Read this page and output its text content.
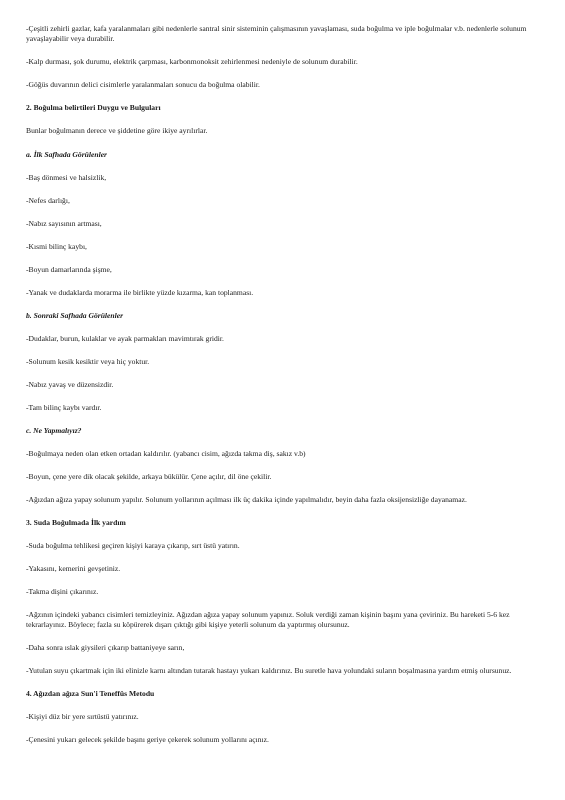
-Çeşitli zehirli gazlar, kafa yaralanmaları gibi nedenlerle santral sinir sisteminin çalışmasının yavaşlaması, suda boğulma ve iple boğulmalar v.b. nedenlerle solunum yavaşlayabilir veya durabilir.

-Kalp durması, şok durumu, elektrik çarpması, karbonmonoksit zehirlenmesi nedeniyle de solunum durabilir.

-Göğüs duvarının delici cisimlerle yaralanmaları sonucu da boğulma olabilir.

2. Boğulma belirtileri Duygu ve Bulguları

Bunlar boğulmanın derece ve şiddetine göre ikiye ayrılırlar.

a. İlk Safhada Görülenler

-Baş dönmesi ve halsizlik,

-Nefes darlığı,

-Nabız sayısının artması,

-Kısmi bilinç kaybı,

-Boyun damarlarında şişme,

-Yanak ve dudaklarda morarma ile birlikte yüzde kızarma, kan toplanması.

b. Sonraki Safhada Görülenler

-Dudaklar, burun, kulaklar ve ayak parmakları mavimtırak gridir.

-Solunum kesik kesiktir veya hiç yoktur.

-Nabız yavaş ve düzensizdir.

-Tam bilinç kaybı vardır.

c. Ne Yapmalıyız?

-Boğulmaya neden olan etken ortadan kaldırılır. (yabancı cisim, ağızda takma diş, sakız v.b)

-Boyun, çene yere dik olacak şekilde, arkaya bükülür. Çene açılır, dil öne çekilir.

-Ağızdan ağıza yapay solunum yapılır. Solunum yollarının açılması ilk üç dakika içinde yapılmalıdır, beyin daha fazla oksijensizliğe dayanamaz.

3. Suda Boğulmada İlk yardım

-Suda boğulma tehlikesi geçiren kişiyi karaya çıkarıp, sırt üstü yatırın.

-Yakasını, kemerini gevşetiniz.

-Takma dişini çıkarınız.

-Ağzının içindeki yabancı cisimleri temizleyiniz. Ağızdan ağıza yapay solunum yapınız. Soluk verdiği zaman kişinin başını yana çeviriniz. Bu hareketi 5-6 kez tekrarlayınız. Böylece; fazla su köpürerek dışarı çıktığı gibi kişiye yeterli solunum da yaptırmış olursunuz.

-Daha sonra ıslak giysileri çıkarıp battaniyeye sarın,

-Yutulan suyu çıkartmak için iki elinizle karnı altından tutarak hastayı yukarı kaldırınız. Bu suretle hava yolundaki suların boşalmasına yardım etmiş olursunuz.

4. Ağızdan ağıza Sun'i Teneffüs Metodu

-Kişiyi düz bir yere sırtüstü yatırınız.

-Çenesini yukarı gelecek şekilde başını geriye çekerek solunum yollarını açınız.
